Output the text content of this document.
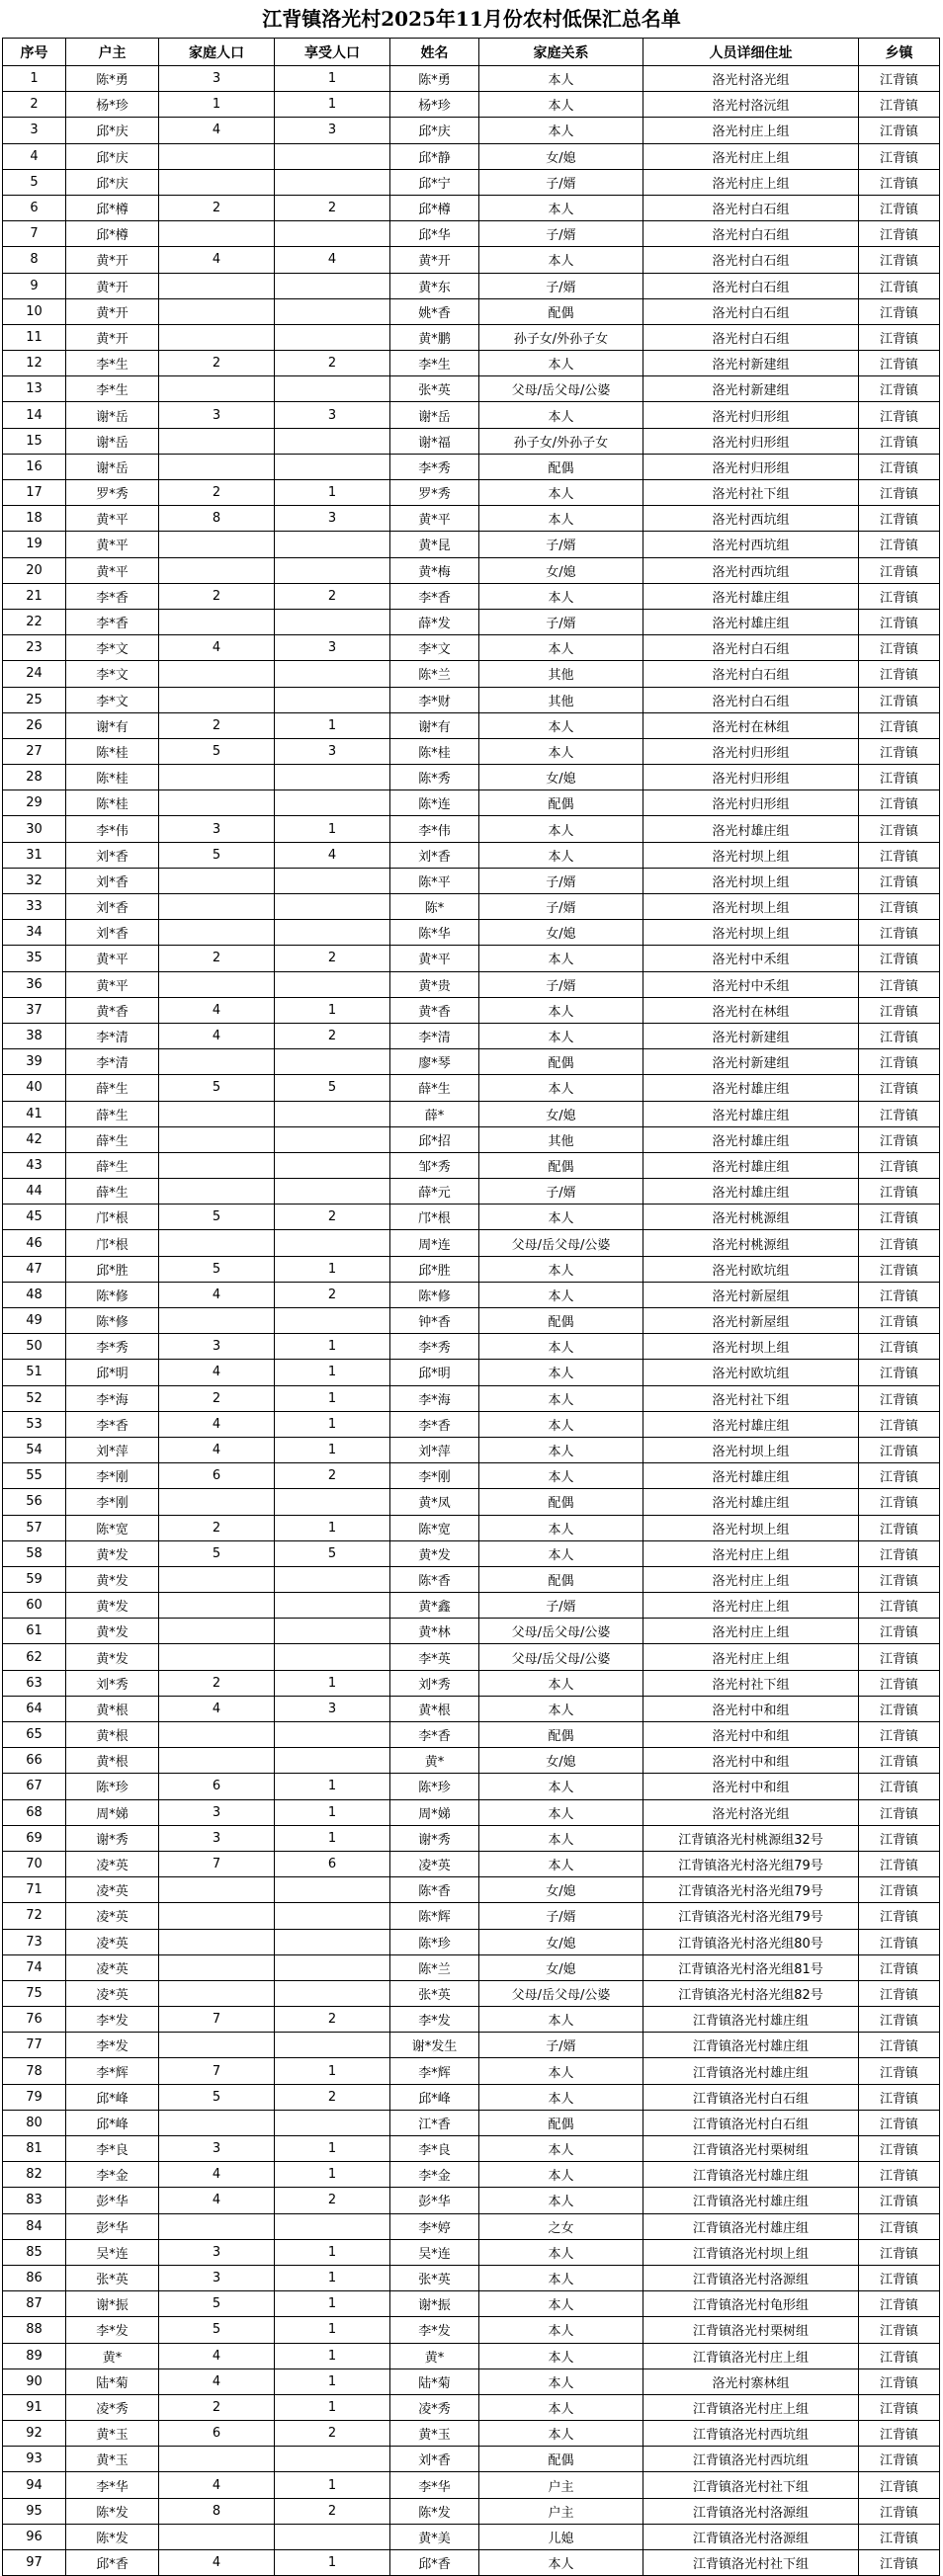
江背镇洛光村2025年11月份农村低保汇总名单
序号	户主	家庭人口	享受人口	姓名	家庭关系	人员详细住址	乡镇
1	陈*勇	3	1	陈*勇	本人	洛光村洛光组	江背镇
2	杨*珍	1	1	杨*珍	本人	洛光村洛沅组	江背镇
3	邱*庆	4	3	邱*庆	本人	洛光村庄上组	江背镇
4	邱*庆			邱*静	女/媳	洛光村庄上组	江背镇
5	邱*庆			邱*宁	子/婿	洛光村庄上组	江背镇
6	邱*樽	2	2	邱*樽	本人	洛光村白石组	江背镇
7	邱*樽			邱*华	子/婿	洛光村白石组	江背镇
8	黄*开	4	4	黄*开	本人	洛光村白石组	江背镇
9	黄*开			黄*东	子/婿	洛光村白石组	江背镇
10	黄*开			姚*香	配偶	洛光村白石组	江背镇
11	黄*开			黄*鹏	孙子女/外孙子女	洛光村白石组	江背镇
12	李*生	2	2	李*生	本人	洛光村新建组	江背镇
13	李*生			张*英	父母/岳父母/公婆	洛光村新建组	江背镇
14	谢*岳	3	3	谢*岳	本人	洛光村归形组	江背镇
15	谢*岳			谢*福	孙子女/外孙子女	洛光村归形组	江背镇
16	谢*岳			李*秀	配偶	洛光村归形组	江背镇
17	罗*秀	2	1	罗*秀	本人	洛光村社下组	江背镇
18	黄*平	8	3	黄*平	本人	洛光村西坑组	江背镇
19	黄*平			黄*昆	子/婿	洛光村西坑组	江背镇
20	黄*平			黄*梅	女/媳	洛光村西坑组	江背镇
21	李*香	2	2	李*香	本人	洛光村雄庄组	江背镇
22	李*香			薛*发	子/婿	洛光村雄庄组	江背镇
23	李*文	4	3	李*文	本人	洛光村白石组	江背镇
24	李*文			陈*兰	其他	洛光村白石组	江背镇
25	李*文			李*财	其他	洛光村白石组	江背镇
26	谢*有	2	1	谢*有	本人	洛光村在林组	江背镇
27	陈*桂	5	3	陈*桂	本人	洛光村归形组	江背镇
28	陈*桂			陈*秀	女/媳	洛光村归形组	江背镇
29	陈*桂			陈*连	配偶	洛光村归形组	江背镇
30	李*伟	3	1	李*伟	本人	洛光村雄庄组	江背镇
31	刘*香	5	4	刘*香	本人	洛光村坝上组	江背镇
32	刘*香			陈*平	子/婿	洛光村坝上组	江背镇
33	刘*香			陈*	子/婿	洛光村坝上组	江背镇
34	刘*香			陈*华	女/媳	洛光村坝上组	江背镇
35	黄*平	2	2	黄*平	本人	洛光村中禾组	江背镇
36	黄*平			黄*贵	子/婿	洛光村中禾组	江背镇
37	黄*香	4	1	黄*香	本人	洛光村在林组	江背镇
38	李*清	4	2	李*清	本人	洛光村新建组	江背镇
39	李*清			廖*琴	配偶	洛光村新建组	江背镇
40	薛*生	5	5	薛*生	本人	洛光村雄庄组	江背镇
41	薛*生			薛*	女/媳	洛光村雄庄组	江背镇
42	薛*生			邱*招	其他	洛光村雄庄组	江背镇
43	薛*生			邹*秀	配偶	洛光村雄庄组	江背镇
44	薛*生			薛*元	子/婿	洛光村雄庄组	江背镇
45	邝*根	5	2	邝*根	本人	洛光村桃源组	江背镇
46	邝*根			周*连	父母/岳父母/公婆	洛光村桃源组	江背镇
47	邱*胜	5	1	邱*胜	本人	洛光村欧坑组	江背镇
48	陈*修	4	2	陈*修	本人	洛光村新屋组	江背镇
49	陈*修			钟*香	配偶	洛光村新屋组	江背镇
50	李*秀	3	1	李*秀	本人	洛光村坝上组	江背镇
51	邱*明	4	1	邱*明	本人	洛光村欧坑组	江背镇
52	李*海	2	1	李*海	本人	洛光村社下组	江背镇
53	李*香	4	1	李*香	本人	洛光村雄庄组	江背镇
54	刘*萍	4	1	刘*萍	本人	洛光村坝上组	江背镇
55	李*刚	6	2	李*刚	本人	洛光村雄庄组	江背镇
56	李*刚			黄*凤	配偶	洛光村雄庄组	江背镇
57	陈*宽	2	1	陈*宽	本人	洛光村坝上组	江背镇
58	黄*发	5	5	黄*发	本人	洛光村庄上组	江背镇
59	黄*发			陈*香	配偶	洛光村庄上组	江背镇
60	黄*发			黄*鑫	子/婿	洛光村庄上组	江背镇
61	黄*发			黄*林	父母/岳父母/公婆	洛光村庄上组	江背镇
62	黄*发			李*英	父母/岳父母/公婆	洛光村庄上组	江背镇
63	刘*秀	2	1	刘*秀	本人	洛光村社下组	江背镇
64	黄*根	4	3	黄*根	本人	洛光村中和组	江背镇
65	黄*根			李*香	配偶	洛光村中和组	江背镇
66	黄*根			黄*	女/媳	洛光村中和组	江背镇
67	陈*珍	6	1	陈*珍	本人	洛光村中和组	江背镇
68	周*娣	3	1	周*娣	本人	洛光村洛光组	江背镇
69	谢*秀	3	1	谢*秀	本人	江背镇洛光村桃源组32号	江背镇
70	凌*英	7	6	凌*英	本人	江背镇洛光村洛光组79号	江背镇
71	凌*英			陈*香	女/媳	江背镇洛光村洛光组79号	江背镇
72	凌*英			陈*辉	子/婿	江背镇洛光村洛光组79号	江背镇
73	凌*英			陈*珍	女/媳	江背镇洛光村洛光组80号	江背镇
74	凌*英			陈*兰	女/媳	江背镇洛光村洛光组81号	江背镇
75	凌*英			张*英	父母/岳父母/公婆	江背镇洛光村洛光组82号	江背镇
76	李*发	7	2	李*发	本人	江背镇洛光村雄庄组	江背镇
77	李*发			谢*发生	子/婿	江背镇洛光村雄庄组	江背镇
78	李*辉	7	1	李*辉	本人	江背镇洛光村雄庄组	江背镇
79	邱*峰	5	2	邱*峰	本人	江背镇洛光村白石组	江背镇
80	邱*峰			江*香	配偶	江背镇洛光村白石组	江背镇
81	李*良	3	1	李*良	本人	江背镇洛光村栗树组	江背镇
82	李*金	4	1	李*金	本人	江背镇洛光村雄庄组	江背镇
83	彭*华	4	2	彭*华	本人	江背镇洛光村雄庄组	江背镇
84	彭*华			李*婷	之女	江背镇洛光村雄庄组	江背镇
85	吴*连	3	1	吴*连	本人	江背镇洛光村坝上组	江背镇
86	张*英	3	1	张*英	本人	江背镇洛光村洛源组	江背镇
87	谢*振	5	1	谢*振	本人	江背镇洛光村龟形组	江背镇
88	李*发	5	1	李*发	本人	江背镇洛光村栗树组	江背镇
89	黄*	4	1	黄*	本人	江背镇洛光村庄上组	江背镇
90	陆*菊	4	1	陆*菊	本人	洛光村寨林组	江背镇
91	凌*秀	2	1	凌*秀	本人	江背镇洛光村庄上组	江背镇
92	黄*玉	6	2	黄*玉	本人	江背镇洛光村西坑组	江背镇
93	黄*玉			刘*香	配偶	江背镇洛光村西坑组	江背镇
94	李*华	4	1	李*华	户主	江背镇洛光村社下组	江背镇
95	陈*发	8	2	陈*发	户主	江背镇洛光村洛源组	江背镇
96	陈*发			黄*美	儿媳	江背镇洛光村洛源组	江背镇
97	邱*香	4	1	邱*香	本人	江背镇洛光村社下组	江背镇
